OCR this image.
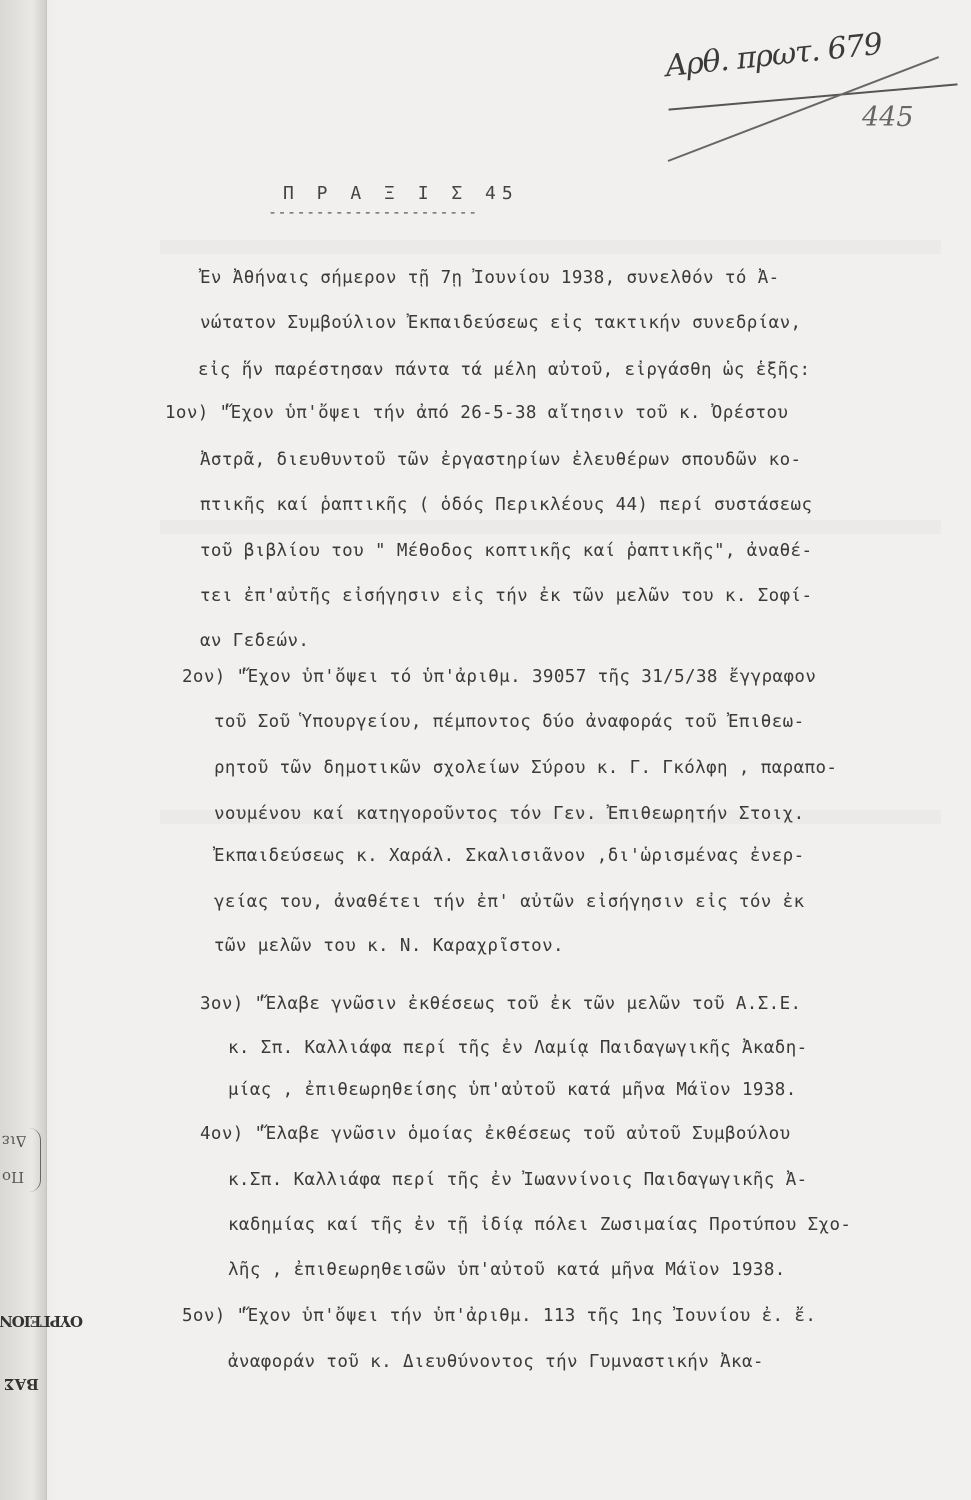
Διε
Πο
ΟΥΡΓΕΙΟΝ
ΒΑΣ
Αρθ. πρωτ. 679
445
Π Ρ Α Ξ Ι Σ 45
----------------------
Ἐν Ἀθήναις σήμερον τῇ 7ῃ Ἰουνίου 1938, συνελθόν τό Ἀ-
νώτατον Συμβούλιον Ἐκπαιδεύσεως εἰς τακτικήν συνεδρίαν,
εἰς ἥν παρέστησαν πάντα τά μέλη αὐτοῦ, εἰργάσθη ὡς ἑξῆς:
1ον) "Ἔχον ὑπ'ὄψει τήν ἀπό 26-5-38 αἴτησιν τοῦ κ. Ὀρέστου
Ἀστρᾶ, διευθυντοῦ τῶν ἐργαστηρίων ἐλευθέρων σπουδῶν κο-
πτικῆς καί ῥαπτικῆς ( ὁδός Περικλέους 44) περί συστάσεως
τοῦ βιβλίου του " Μέθοδος κοπτικῆς καί ῥαπτικῆς", ἀναθέ-
τει ἐπ'αὐτῆς εἰσήγησιν εἰς τήν ἐκ τῶν μελῶν του κ. Σοφί-
αν Γεδεών.
2ον) "Ἔχον ὑπ'ὄψει τό ὑπ'ἀριθμ. 39057 τῆς 31/5/38 ἔγγραφον
τοῦ Σοῦ Ὑπουργείου, πέμποντος δύο ἀναφοράς τοῦ Ἐπιθεω-
ρητοῦ τῶν δημοτικῶν σχολείων Σύρου κ. Γ. Γκόλφη , παραπο-
νουμένου καί κατηγοροῦντος τόν Γεν. Ἐπιθεωρητήν Στοιχ.
Ἐκπαιδεύσεως κ. Χαράλ. Σκαλισιᾶνον ,δι'ὡρισμένας ἐνερ-
γείας του, ἀναθέτει τήν ἐπ' αὐτῶν εἰσήγησιν εἰς τόν ἐκ
τῶν μελῶν του κ. Ν. Καραχρῖστον.
3ον) "Ἔλαβε γνῶσιν ἐκθέσεως τοῦ ἐκ τῶν μελῶν τοῦ Α.Σ.Ε.
κ. Σπ. Καλλιάφα περί τῆς ἐν Λαμίᾳ Παιδαγωγικῆς Ἀκαδη-
μίας , ἐπιθεωρηθείσης ὑπ'αὐτοῦ κατά μῆνα Μάϊον 1938.
4ον) "Ἔλαβε γνῶσιν ὁμοίας ἐκθέσεως τοῦ αὐτοῦ Συμβούλου
κ.Σπ. Καλλιάφα περί τῆς ἐν Ἰωαννίνοις Παιδαγωγικῆς Ἀ-
καδημίας καί τῆς ἐν τῇ ἰδίᾳ πόλει Ζωσιμαίας Προτύπου Σχο-
λῆς , ἐπιθεωρηθεισῶν ὑπ'αὐτοῦ κατά μῆνα Μάϊον 1938.
5ον) "Ἔχον ὑπ'ὄψει τήν ὑπ'ἀριθμ. 113 τῆς 1ης Ἰουνίου ἐ. ἔ.
ἀναφοράν τοῦ κ. Διευθύνοντος τήν Γυμναστικήν Ἀκα-
